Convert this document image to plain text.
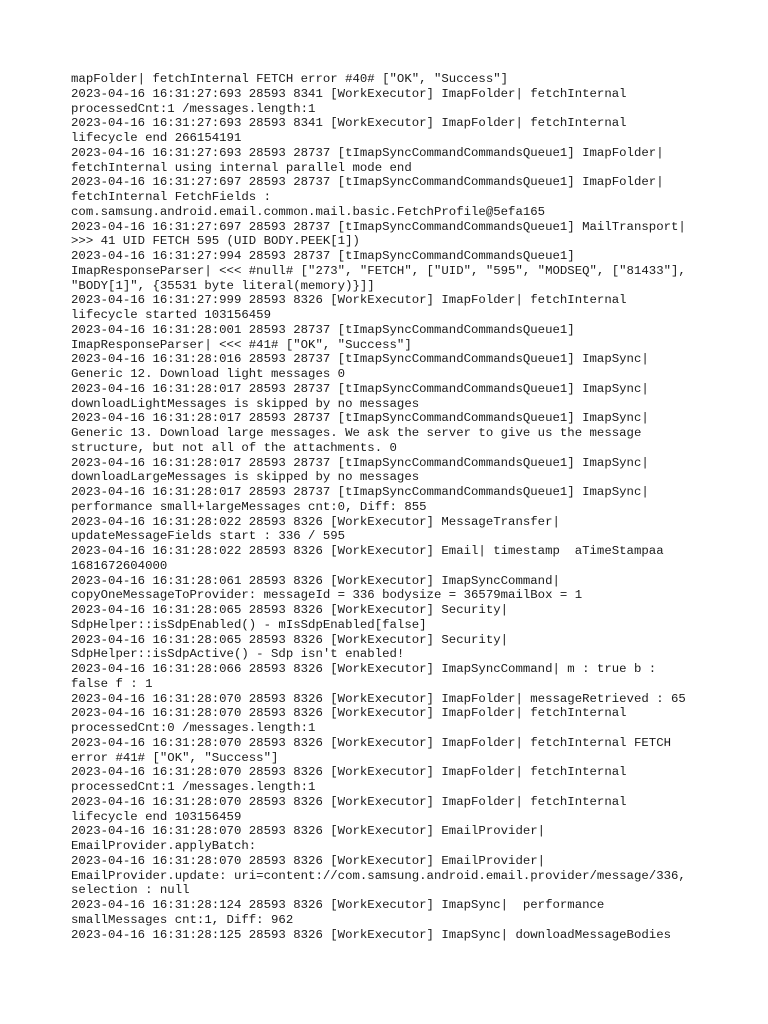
mapFolder| fetchInternal FETCH error #40# ["OK", "Success"]
2023-04-16 16:31:27:693 28593 8341 [WorkExecutor] ImapFolder| fetchInternal
processedCnt:1 /messages.length:1
2023-04-16 16:31:27:693 28593 8341 [WorkExecutor] ImapFolder| fetchInternal
lifecycle end 266154191
2023-04-16 16:31:27:693 28593 28737 [tImapSyncCommandCommandsQueue1] ImapFolder|
fetchInternal using internal parallel mode end
2023-04-16 16:31:27:697 28593 28737 [tImapSyncCommandCommandsQueue1] ImapFolder|
fetchInternal FetchFields :
com.samsung.android.email.common.mail.basic.FetchProfile@5efa165
2023-04-16 16:31:27:697 28593 28737 [tImapSyncCommandCommandsQueue1] MailTransport|
>>> 41 UID FETCH 595 (UID BODY.PEEK[1])
2023-04-16 16:31:27:994 28593 28737 [tImapSyncCommandCommandsQueue1]
ImapResponseParser| <<< #null# ["273", "FETCH", ["UID", "595", "MODSEQ", ["81433"],
"BODY[1]", {35531 byte literal(memory)}]]
2023-04-16 16:31:27:999 28593 8326 [WorkExecutor] ImapFolder| fetchInternal
lifecycle started 103156459
2023-04-16 16:31:28:001 28593 28737 [tImapSyncCommandCommandsQueue1]
ImapResponseParser| <<< #41# ["OK", "Success"]
2023-04-16 16:31:28:016 28593 28737 [tImapSyncCommandCommandsQueue1] ImapSync|
Generic 12. Download light messages 0
2023-04-16 16:31:28:017 28593 28737 [tImapSyncCommandCommandsQueue1] ImapSync|
downloadLightMessages is skipped by no messages
2023-04-16 16:31:28:017 28593 28737 [tImapSyncCommandCommandsQueue1] ImapSync|
Generic 13. Download large messages. We ask the server to give us the message
structure, but not all of the attachments. 0
2023-04-16 16:31:28:017 28593 28737 [tImapSyncCommandCommandsQueue1] ImapSync|
downloadLargeMessages is skipped by no messages
2023-04-16 16:31:28:017 28593 28737 [tImapSyncCommandCommandsQueue1] ImapSync|
performance small+largeMessages cnt:0, Diff: 855
2023-04-16 16:31:28:022 28593 8326 [WorkExecutor] MessageTransfer|
updateMessageFields start : 336 / 595
2023-04-16 16:31:28:022 28593 8326 [WorkExecutor] Email| timestamp  aTimeStampaa
1681672604000
2023-04-16 16:31:28:061 28593 8326 [WorkExecutor] ImapSyncCommand|
copyOneMessageToProvider: messageId = 336 bodysize = 36579mailBox = 1
2023-04-16 16:31:28:065 28593 8326 [WorkExecutor] Security|
SdpHelper::isSdpEnabled() - mIsSdpEnabled[false]
2023-04-16 16:31:28:065 28593 8326 [WorkExecutor] Security|
SdpHelper::isSdpActive() - Sdp isn't enabled!
2023-04-16 16:31:28:066 28593 8326 [WorkExecutor] ImapSyncCommand| m : true b :
false f : 1
2023-04-16 16:31:28:070 28593 8326 [WorkExecutor] ImapFolder| messageRetrieved : 65
2023-04-16 16:31:28:070 28593 8326 [WorkExecutor] ImapFolder| fetchInternal
processedCnt:0 /messages.length:1
2023-04-16 16:31:28:070 28593 8326 [WorkExecutor] ImapFolder| fetchInternal FETCH
error #41# ["OK", "Success"]
2023-04-16 16:31:28:070 28593 8326 [WorkExecutor] ImapFolder| fetchInternal
processedCnt:1 /messages.length:1
2023-04-16 16:31:28:070 28593 8326 [WorkExecutor] ImapFolder| fetchInternal
lifecycle end 103156459
2023-04-16 16:31:28:070 28593 8326 [WorkExecutor] EmailProvider|
EmailProvider.applyBatch:
2023-04-16 16:31:28:070 28593 8326 [WorkExecutor] EmailProvider|
EmailProvider.update: uri=content://com.samsung.android.email.provider/message/336,
selection : null
2023-04-16 16:31:28:124 28593 8326 [WorkExecutor] ImapSync|  performance
smallMessages cnt:1, Diff: 962
2023-04-16 16:31:28:125 28593 8326 [WorkExecutor] ImapSync| downloadMessageBodies
